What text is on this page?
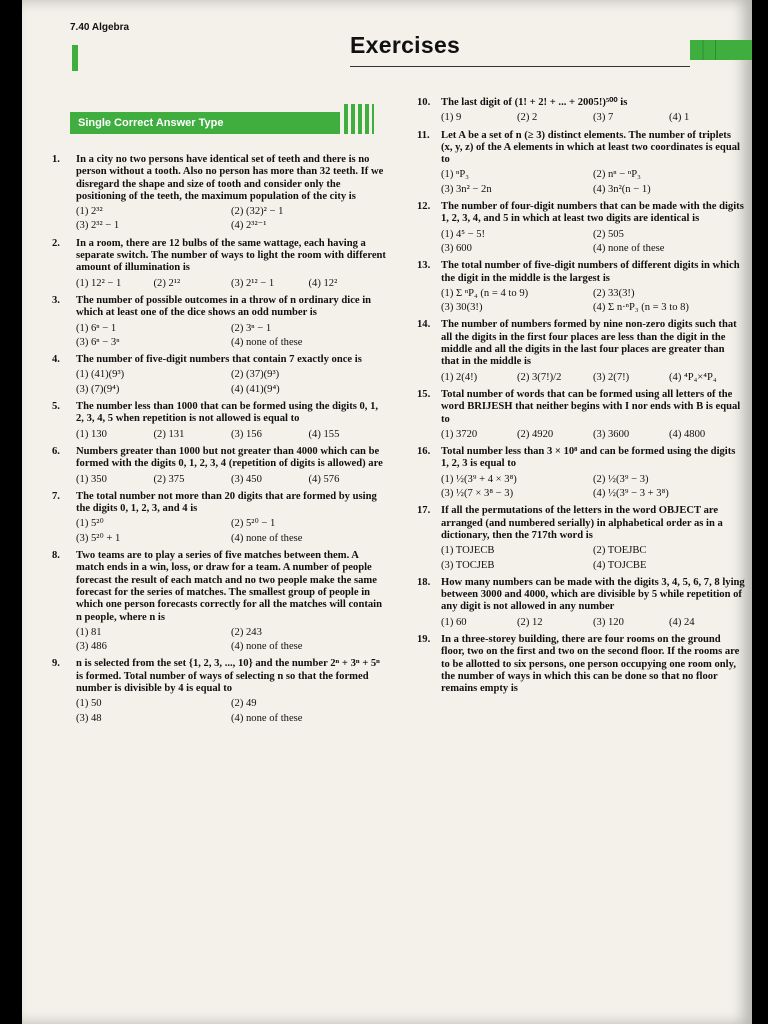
7.40 Algebra
Exercises
Single Correct Answer Type
1. In a city no two persons have identical set of teeth and there is no person without a tooth. Also no person has more than 32 teeth. If we disregard the shape and size of tooth and consider only the positioning of the teeth, the maximum population of the city is
(1) 2³²	(2) (32)² − 1
(3) 2³² − 1	(4) 2³²⁻¹
2. In a room, there are 12 bulbs of the same wattage, each having a separate switch. The number of ways to light the room with different amount of illumination is
(1) 12² − 1	(2) 2¹²	(3) 2¹² − 1	(4) 12²
3. The number of possible outcomes in a throw of n ordinary dice in which at least one of the dice shows an odd number is
(1) 6ⁿ − 1	(2) 3ⁿ − 1
(3) 6ⁿ − 3ⁿ	(4) none of these
4. The number of five-digit numbers that contain 7 exactly once is
(1) (41)(9³)	(2) (37)(9³)
(3) (7)(9⁴)	(4) (41)(9⁴)
5. The number less than 1000 that can be formed using the digits 0, 1, 2, 3, 4, 5 when repetition is not allowed is equal to
(1) 130	(2) 131	(3) 156	(4) 155
6. Numbers greater than 1000 but not greater than 4000 which can be formed with the digits 0, 1, 2, 3, 4 (repetition of digits is allowed) are
(1) 350	(2) 375	(3) 450	(4) 576
7. The total number not more than 20 digits that are formed by using the digits 0, 1, 2, 3, and 4 is
(1) 5²⁰	(2) 5²⁰ − 1
(3) 5²⁰ + 1	(4) none of these
8. Two teams are to play a series of five matches between them. A match ends in a win, loss, or draw for a team. A number of people forecast the result of each match and no two people make the same forecast for the series of matches. The smallest group of people in which one person forecasts correctly for all the matches will contain n people, where n is
(1) 81	(2) 243
(3) 486	(4) none of these
9. n is selected from the set {1, 2, 3, ..., 10} and the number 2ⁿ + 3ⁿ + 5ⁿ is formed. Total number of ways of selecting n so that the formed number is divisible by 4 is equal to
(1) 50	(2) 49
(3) 48	(4) none of these
10. The last digit of (1! + 2! + ... + 2005!)⁵⁰⁰ is
(1) 9	(2) 2	(3) 7	(4) 1
11. Let A be a set of n (≥ 3) distinct elements. The number of triplets (x, y, z) of the A elements in which at least two coordinates is equal to
(1) ⁿP₃	(2) nⁿ − ⁿP₃
(3) 3n² − 2n	(4) 3n²(n − 1)
12. The number of four-digit numbers that can be made with the digits 1, 2, 3, 4, and 5 in which at least two digits are identical is
(1) 4⁵ − 5!	(2) 505
(3) 600	(4) none of these
13. The total number of five-digit numbers of different digits in which the digit in the middle is the largest is
(1) Σ ⁿP₄ (n = 4 to 9)	(2) 33(3!)
(3) 30(3!)	(4) Σ n·ⁿP₃ (n = 3 to 8)
14. The number of numbers formed by nine non-zero digits such that all the digits in the first four places are less than the digit in the middle and all the digits in the last four places are greater than that in the middle is
(1) 2(4!)	(2) 3(7!)/2	(3) 2(7!)	(4) ⁴P₄×⁴P₄
15. Total number of words that can be formed using all letters of the word BRIJESH that neither begins with I nor ends with B is equal to
(1) 3720	(2) 4920	(3) 3600	(4) 4800
16. Total number less than 3 × 10⁸ and can be formed using the digits 1, 2, 3 is equal to
(1) ½(3⁹ + 4 × 3⁸)	(2) ½(3⁹ − 3)
(3) ½(7 × 3⁸ − 3)	(4) ½(3⁹ − 3 + 3⁸)
17. If all the permutations of the letters in the word OBJECT are arranged (and numbered serially) in alphabetical order as in a dictionary, then the 717th word is
(1) TOJECB	(2) TOEJBC
(3) TOCJEB	(4) TOJCBE
18. How many numbers can be made with the digits 3, 4, 5, 6, 7, 8 lying between 3000 and 4000, which are divisible by 5 while repetition of any digit is not allowed in any number
(1) 60	(2) 12	(3) 120	(4) 24
19. In a three-storey building, there are four rooms on the ground floor, two on the first and two on the second floor. If the rooms are to be allotted to six persons, one person occupying one room only, the number of ways in which this can be done so that no floor remains empty is
